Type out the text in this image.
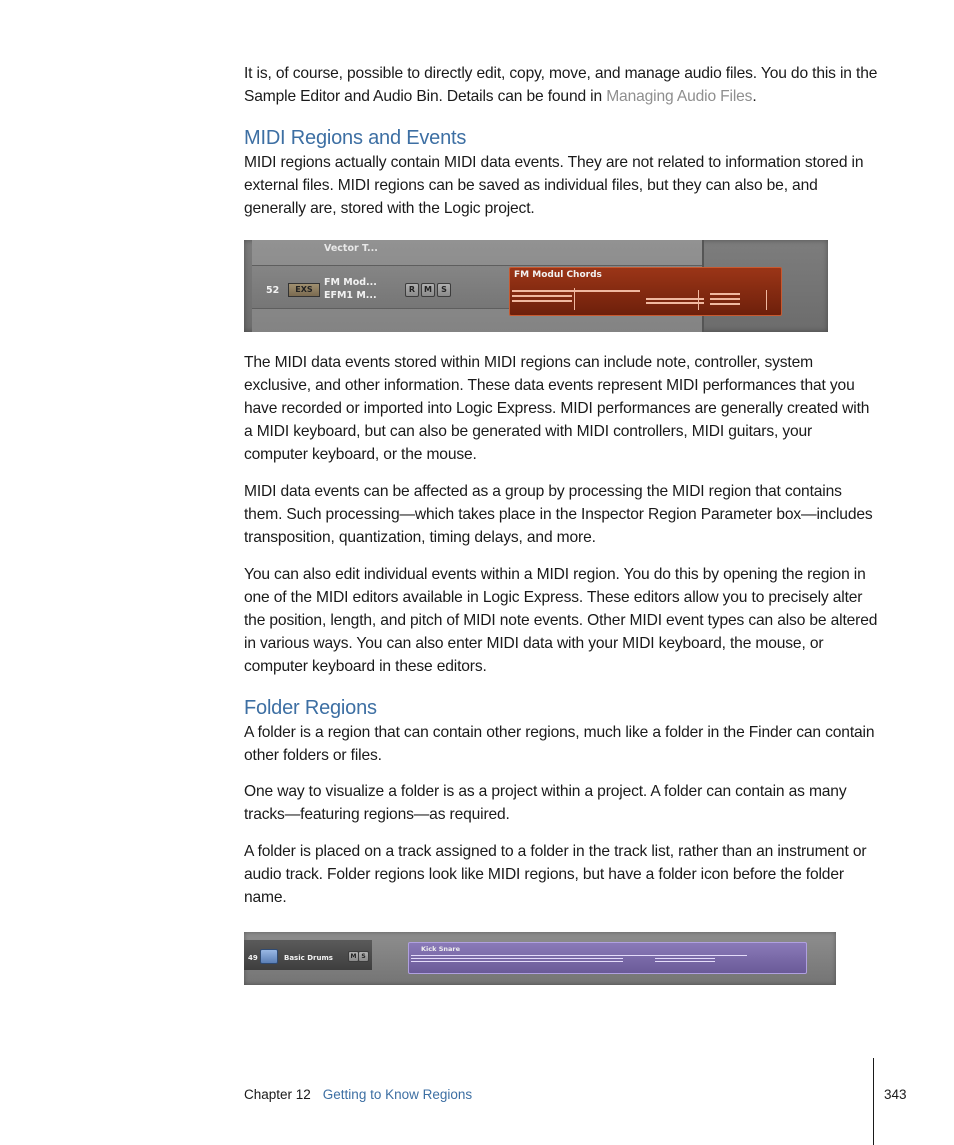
It is, of course, possible to directly edit, copy, move, and manage audio files. You do this in the Sample Editor and Audio Bin. Details can be found in Managing Audio Files.

MIDI Regions and Events

MIDI regions actually contain MIDI data events. They are not related to information stored in external files. MIDI regions can be saved as individual files, but they can also be, and generally are, stored with the Logic project.

Vector T...
52	EXS
FM Mod...
EFM1 M...
R	M	S
FM Modul Chords

The MIDI data events stored within MIDI regions can include note, controller, system exclusive, and other information. These data events represent MIDI performances that you have recorded or imported into Logic Express. MIDI performances are generally created with a MIDI keyboard, but can also be generated with MIDI controllers, MIDI guitars, your computer keyboard, or the mouse.

MIDI data events can be affected as a group by processing the MIDI region that contains them. Such processing—which takes place in the Inspector Region Parameter box—includes transposition, quantization, timing delays, and more.

You can also edit individual events within a MIDI region. You do this by opening the region in one of the MIDI editors available in Logic Express. These editors allow you to precisely alter the position, length, and pitch of MIDI note events. Other MIDI event types can also be altered in various ways. You can also enter MIDI data with your MIDI keyboard, the mouse, or computer keyboard in these editors.

Folder Regions

A folder is a region that can contain other regions, much like a folder in the Finder can contain other folders or files.

One way to visualize a folder is as a project within a project. A folder can contain as many tracks—featuring regions—as required.

A folder is placed on a track assigned to a folder in the track list, rather than an instrument or audio track. Folder regions look like MIDI regions, but have a folder icon before the folder name.

49	Basic Drums	M S
Kick Snare
Chapter 12 Getting to Know Regions	343
